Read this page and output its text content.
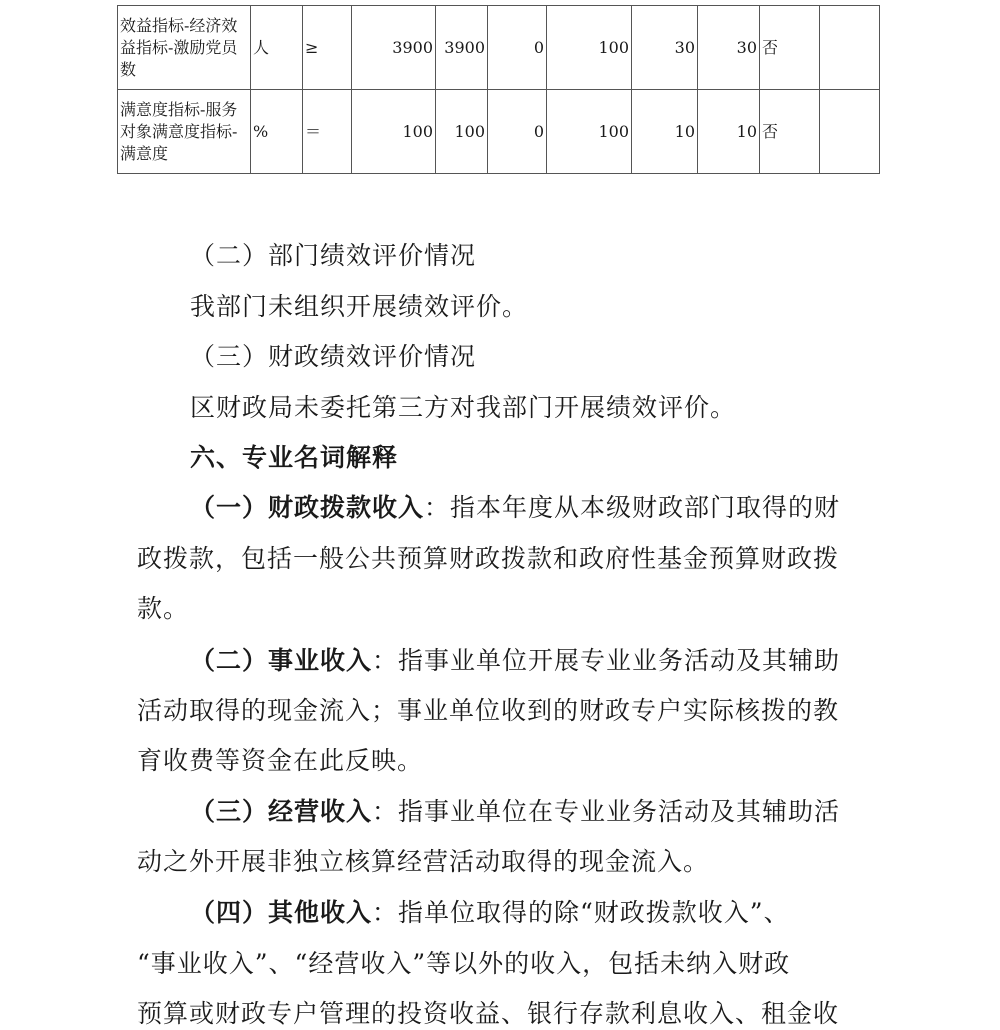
效益指标-经济效益指标-激励党员数	人	≥	3900	3900	0	100	30	30	否	
满意度指标-服务对象满意度指标-满意度	%	＝	100	100	0	100	10	10	否	
（二）部门绩效评价情况
我部门未组织开展绩效评价。
（三）财政绩效评价情况
区财政局未委托第三方对我部门开展绩效评价。
六、专业名词解释
（一）财政拨款收入：指本年度从本级财政部门取得的财
政拨款，包括一般公共预算财政拨款和政府性基金预算财政拨
款。
（二）事业收入：指事业单位开展专业业务活动及其辅助
活动取得的现金流入；事业单位收到的财政专户实际核拨的教
育收费等资金在此反映。
（三）经营收入：指事业单位在专业业务活动及其辅助活
动之外开展非独立核算经营活动取得的现金流入。
（四）其他收入：指单位取得的除“财政拨款收入”、
“事业收入”、“经营收入”等以外的收入，包括未纳入财政
预算或财政专户管理的投资收益、银行存款利息收入、租金收
